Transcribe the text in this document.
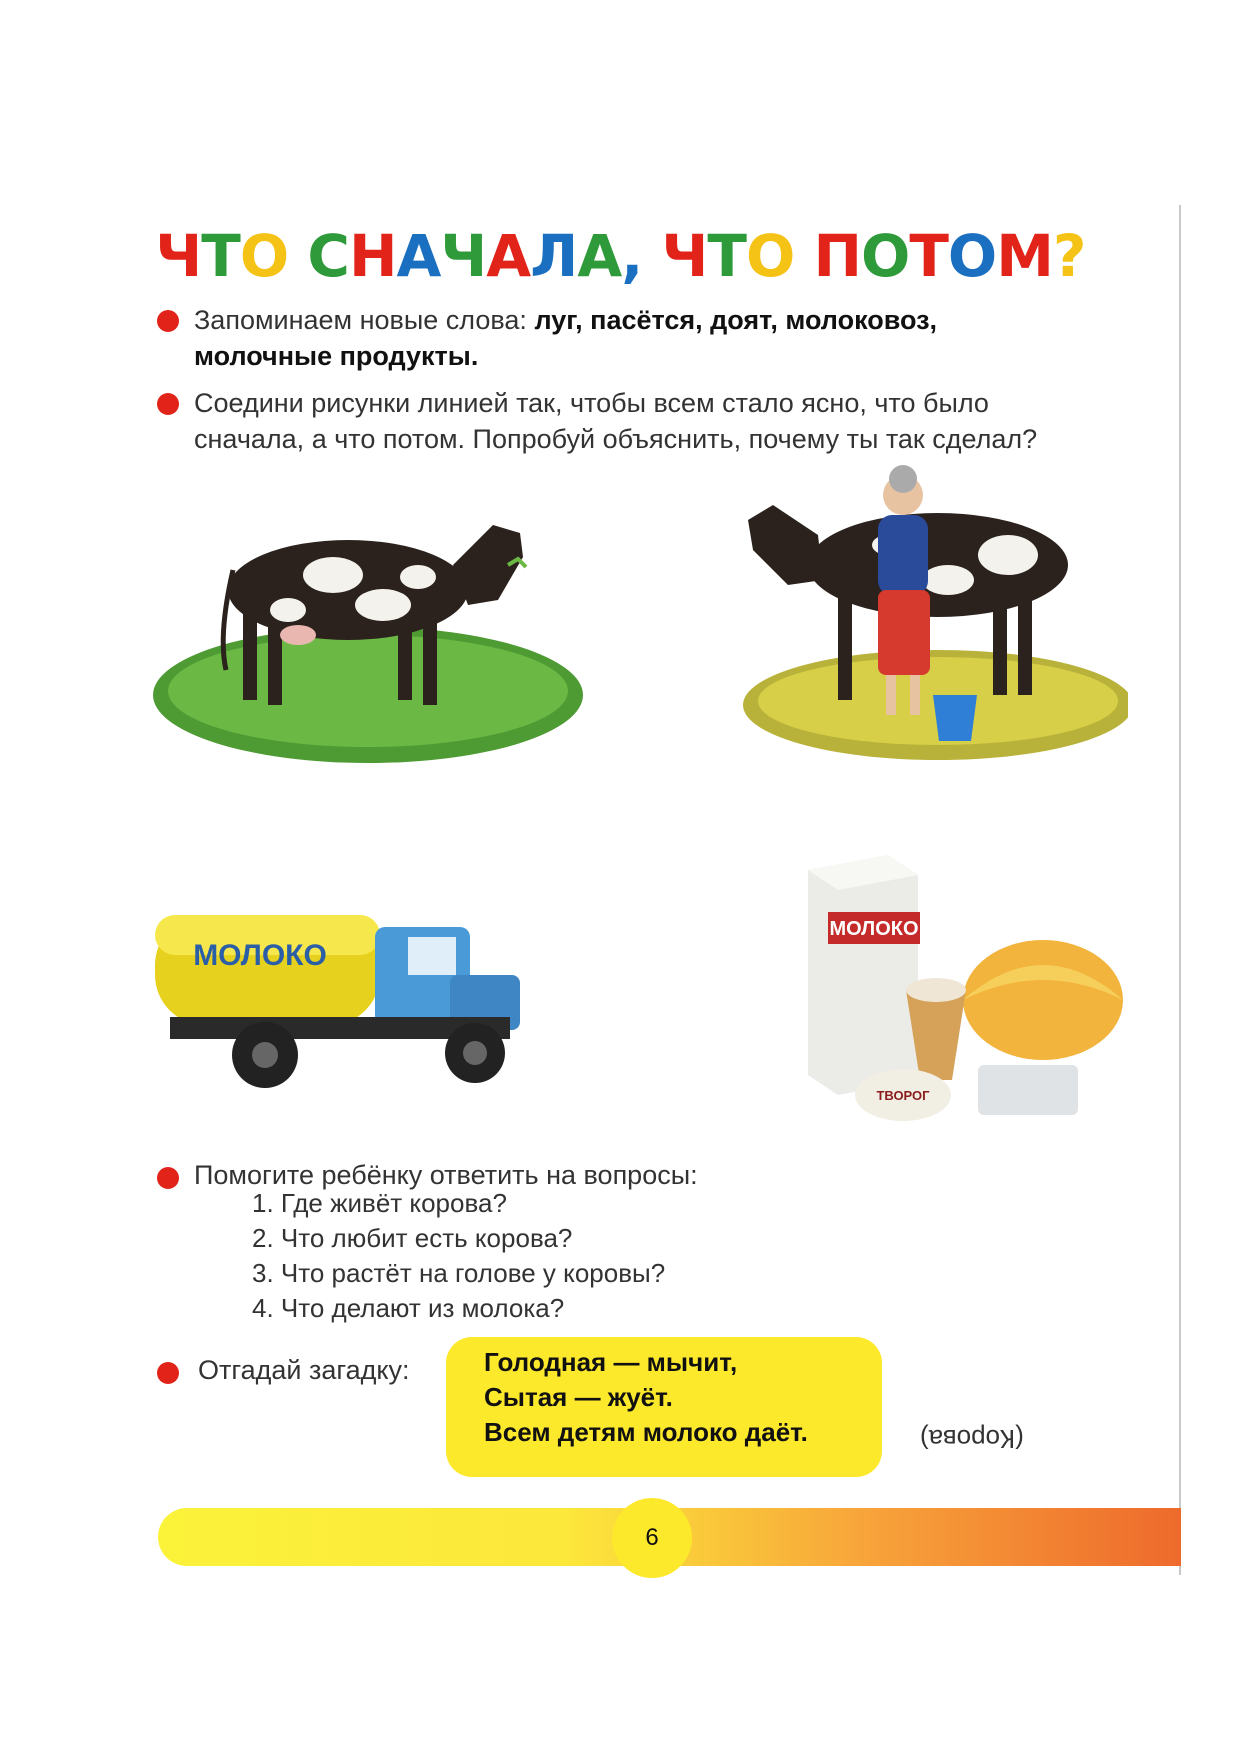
ЧТО СНАЧАЛА, ЧТО ПОТОМ?
Запоминаем новые слова: луг, пасётся, доят, молоковоз,
молочные продукты.
Соедини рисунки линией так, чтобы всем стало ясно, что было
сначала, а что потом. Попробуй объяснить, почему ты так сделал?
МОЛОКО
МОЛОКО
ТВОРОГ
Помогите ребёнку ответить на вопросы:
1. Где живёт корова?
2. Что любит есть корова?
3. Что растёт на голове у коровы?
4. Что делают из молока?
Отгадай загадку:	Голодная — мычит,
Сытая — жуёт.
Всем детям молоко даёт.	(Корова)
6
